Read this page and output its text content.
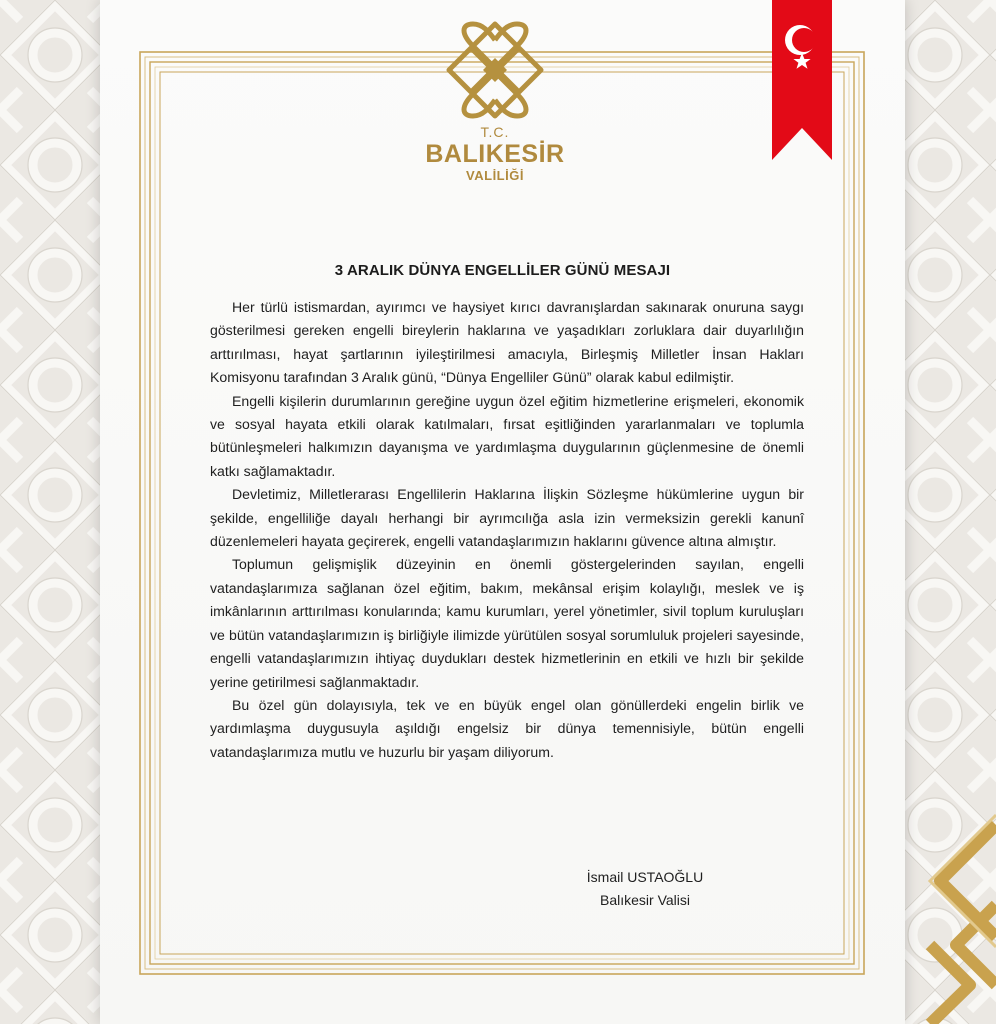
T.C.
BALIKESİR
VALİLİĞİ
3 ARALIK DÜNYA ENGELLİLER GÜNÜ MESAJI

Her türlü istismardan, ayırımcı ve haysiyet kırıcı davranışlardan sakınarak onuruna saygı gösterilmesi gereken engelli bireylerin haklarına ve yaşadıkları zorluklara dair duyarlılığın arttırılması, hayat şartlarının iyileştirilmesi amacıyla, Birleşmiş Milletler İnsan Hakları Komisyonu tarafından 3 Aralık günü, “Dünya Engelliler Günü” olarak kabul edilmiştir.

Engelli kişilerin durumlarının gereğine uygun özel eğitim hizmetlerine erişmeleri, ekonomik ve sosyal hayata etkili olarak katılmaları, fırsat eşitliğinden yararlanmaları ve toplumla bütünleşmeleri halkımızın dayanışma ve yardımlaşma duygularının güçlenmesine de önemli katkı sağlamaktadır.

Devletimiz, Milletlerarası Engellilerin Haklarına İlişkin Sözleşme hükümlerine uygun bir şekilde, engelliliğe dayalı herhangi bir ayrımcılığa asla izin vermeksizin gerekli kanunî düzenlemeleri hayata geçirerek, engelli vatandaşlarımızın haklarını güvence altına almıştır.

Toplumun gelişmişlik düzeyinin en önemli göstergelerinden sayılan, engelli vatandaşlarımıza sağlanan özel eğitim, bakım, mekânsal erişim kolaylığı, meslek ve iş imkânlarının arttırılması konularında; kamu kurumları, yerel yönetimler, sivil toplum kuruluşları ve bütün vatandaşlarımızın iş birliğiyle ilimizde yürütülen sosyal sorumluluk projeleri sayesinde, engelli vatandaşlarımızın ihtiyaç duydukları destek hizmetlerinin en etkili ve hızlı bir şekilde yerine getirilmesi sağlanmaktadır.

Bu özel gün dolayısıyla, tek ve en büyük engel olan gönüllerdeki engelin birlik ve yardımlaşma duygusuyla aşıldığı engelsiz bir dünya temennisiyle, bütün engelli vatandaşlarımıza mutlu ve huzurlu bir yaşam diliyorum.

İsmail USTAOĞLU
Balıkesir Valisi
